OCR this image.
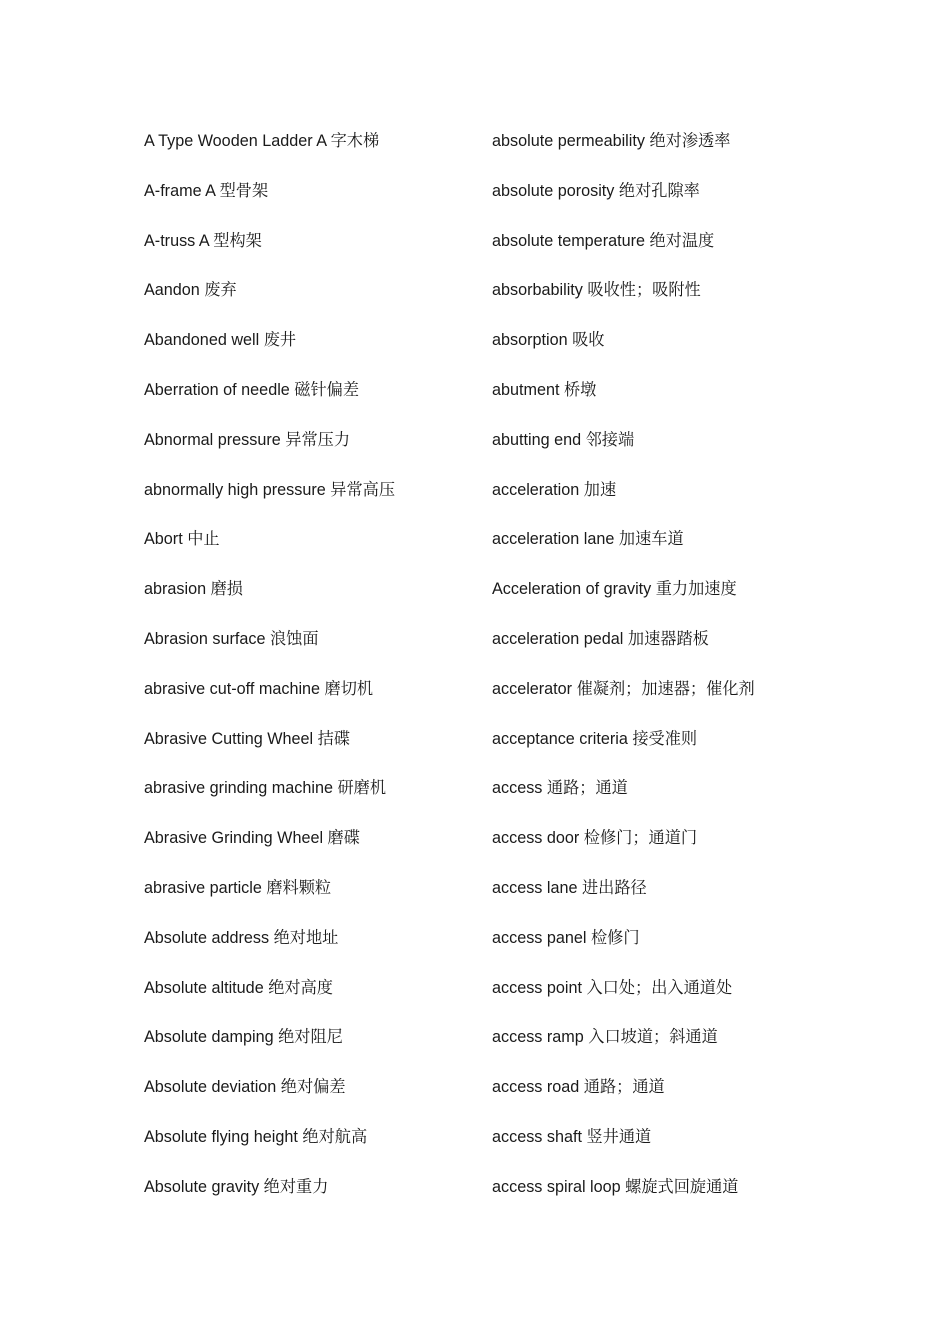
A Type Wooden Ladder A 字木梯
A-frame A 型骨架
A-truss A 型构架
Aandon 废弃
Abandoned well 废井
Aberration of needle 磁针偏差
Abnormal pressure 异常压力
abnormally high pressure 异常高压
Abort 中止
abrasion 磨损
Abrasion surface 浪蚀面
abrasive cut-off machine 磨切机
Abrasive Cutting Wheel 拮碟
abrasive grinding machine 研磨机
Abrasive Grinding Wheel 磨碟
abrasive particle 磨料颗粒
Absolute address 绝对地址
Absolute altitude 绝对高度
Absolute damping 绝对阻尼
Absolute deviation 绝对偏差
Absolute flying height 绝对航高
Absolute gravity 绝对重力
absolute permeability 绝对渗透率
absolute porosity 绝对孔隙率
absolute temperature 绝对温度
absorbability 吸收性；吸附性
absorption 吸收
abutment 桥墩
abutting end 邻接端
acceleration 加速
acceleration lane 加速车道
Acceleration of gravity 重力加速度
acceleration pedal 加速器踏板
accelerator 催凝剂；加速器；催化剂
acceptance criteria 接受准则
access 通路；通道
access door 检修门；通道门
access lane 进出路径
access panel 检修门
access point 入口处；出入通道处
access ramp 入口坡道；斜通道
access road 通路；通道
access shaft 竖井通道
access spiral loop 螺旋式回旋通道
